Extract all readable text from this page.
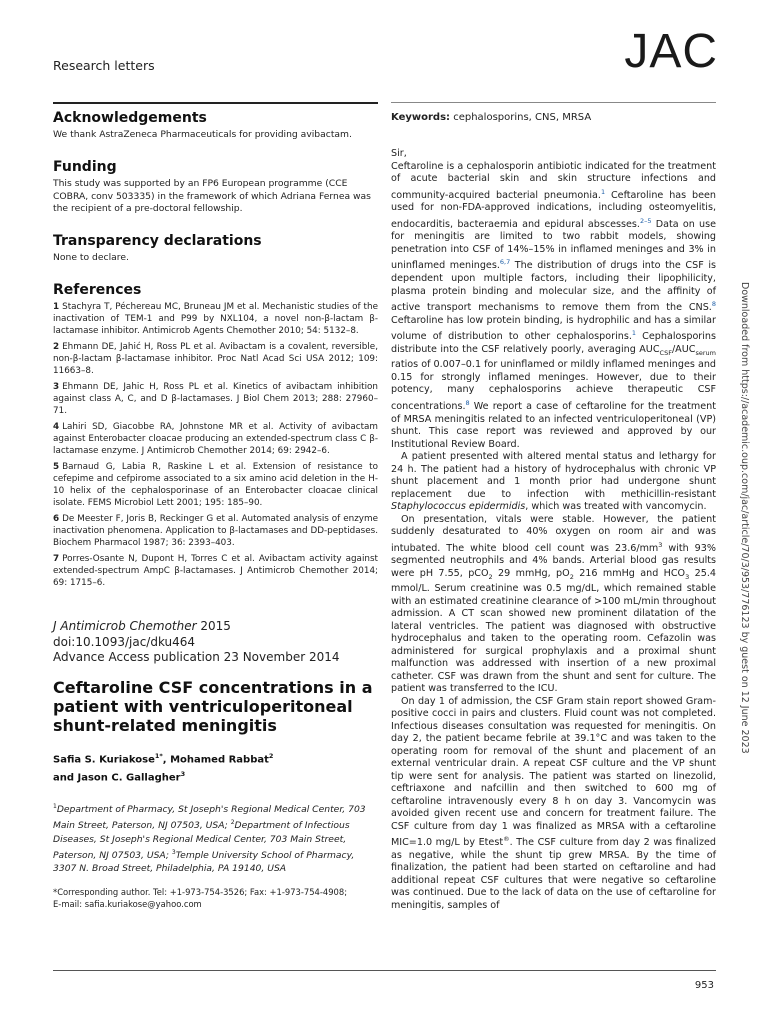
Research letters	JAC
Acknowledgements

We thank AstraZeneca Pharmaceuticals for providing avibactam.

Funding

This study was supported by an FP6 European programme (CCE COBRA, conv 503335) in the framework of which Adriana Fernea was the recipient of a pre-doctoral fellowship.

Transparency declarations

None to declare.

References
1 Stachyra T, Péchereau MC, Bruneau JM et al. Mechanistic studies of the inactivation of TEM-1 and P99 by NXL104, a novel non-β-lactam β-lactamase inhibitor. Antimicrob Agents Chemother 2010; 54: 5132–8.
2 Ehmann DE, Jahić H, Ross PL et al. Avibactam is a covalent, reversible, non-β-lactam β-lactamase inhibitor. Proc Natl Acad Sci USA 2012; 109: 11663–8.
3 Ehmann DE, Jahic H, Ross PL et al. Kinetics of avibactam inhibition against class A, C, and D β-lactamases. J Biol Chem 2013; 288: 27960–71.
4 Lahiri SD, Giacobbe RA, Johnstone MR et al. Activity of avibactam against Enterobacter cloacae producing an extended-spectrum class C β-lactamase enzyme. J Antimicrob Chemother 2014; 69: 2942–6.
5 Barnaud G, Labia R, Raskine L et al. Extension of resistance to cefepime and cefpirome associated to a six amino acid deletion in the H-10 helix of the cephalosporinase of an Enterobacter cloacae clinical isolate. FEMS Microbiol Lett 2001; 195: 185–90.
6 De Meester F, Joris B, Reckinger G et al. Automated analysis of enzyme inactivation phenomena. Application to β-lactamases and DD-peptidases. Biochem Pharmacol 1987; 36: 2393–403.
7 Porres-Osante N, Dupont H, Torres C et al. Avibactam activity against extended-spectrum AmpC β-lactamases. J Antimicrob Chemother 2014; 69: 1715–6.
J Antimicrob Chemother 2015
doi:10.1093/jac/dku464
Advance Access publication 23 November 2014
Ceftaroline CSF concentrations in a patient with ventriculoperitoneal shunt-related meningitis
Safia S. Kuriakose$^{1*}$, Mohamed Rabbat$^2$
and Jason C. Gallagher$^3$
$^1$Department of Pharmacy, St Joseph's Regional Medical Center, 703 Main Street, Paterson, NJ 07503, USA; $^2$Department of Infectious Diseases, St Joseph's Regional Medical Center, 703 Main Street, Paterson, NJ 07503, USA; $^3$Temple University School of Pharmacy, 3307 N. Broad Street, Philadelphia, PA 19140, USA
*Corresponding author. Tel: +1-973-754-3526; Fax: +1-973-754-4908;
E-mail: safia.kuriakose@yahoo.com

Keywords: cephalosporins, CNS, MRSA

Sir,

Ceftaroline is a cephalosporin antibiotic indicated for the treatment of acute bacterial skin and skin structure infections and community-acquired bacterial pneumonia.$^1$ Ceftaroline has been used for non-FDA-approved indications, including osteomyelitis, endocarditis, bacteraemia and epidural abscesses.$^{2-5}$ Data on use for meningitis are limited to two rabbit models, showing penetration into CSF of 14%–15% in inflamed meninges and 3% in uninflamed meninges.$^{6,7}$ The distribution of drugs into the CSF is dependent upon multiple factors, including their lipophilicity, plasma protein binding and molecular size, and the affinity of active transport mechanisms to remove them from the CNS.$^8$ Ceftaroline has low protein binding, is hydrophilic and has a similar volume of distribution to other cephalosporins.$^1$ Cephalosporins distribute into the CSF relatively poorly, averaging $AUC_{CSF}/AUC_{serum}$ ratios of 0.007–0.1 for uninflamed or mildly inflamed meninges and 0.15 for strongly inflamed meninges. However, due to their potency, many cephalosporins achieve therapeutic CSF concentrations.$^8$ We report a case of ceftaroline for the treatment of MRSA meningitis related to an infected ventriculoperitoneal (VP) shunt. This case report was reviewed and approved by our Institutional Review Board.

A patient presented with altered mental status and lethargy for 24 h. The patient had a history of hydrocephalus with chronic VP shunt placement and 1 month prior had undergone shunt replacement due to infection with methicillin-resistant Staphylococcus epidermidis, which was treated with vancomycin.

On presentation, vitals were stable. However, the patient suddenly desaturated to 40% oxygen on room air and was intubated. The white blood cell count was $23.6/mm^3$ with 93% segmented neutrophils and 4% bands. Arterial blood gas results were pH 7.55, pCO$_2$ 29 mmHg, $pO_2$ 216 mmHg and $HCO_3$ 25.4 mmol/L. Serum creatinine was 0.5 mg/dL, which remained stable with an estimated creatinine clearance of >100 mL/min throughout admission. A CT scan showed new prominent dilatation of the lateral ventricles. The patient was diagnosed with obstructive hydrocephalus and taken to the operating room. Cefazolin was administered for surgical prophylaxis and a proximal shunt malfunction was addressed with insertion of a new proximal catheter. CSF was drawn from the shunt and sent for culture. The patient was transferred to the ICU.

On day 1 of admission, the CSF Gram stain report showed Gram-positive cocci in pairs and clusters. Fluid count was not completed. Infectious diseases consultation was requested for meningitis. On day 2, the patient became febrile at 39.1°C and was taken to the operating room for removal of the shunt and placement of an external ventricular drain. A repeat CSF culture and the VP shunt tip were sent for analysis. The patient was started on linezolid, ceftriaxone and nafcillin and then switched to 600 mg of ceftaroline intravenously every 8 h on day 3. Vancomycin was avoided given recent use and concern for treatment failure. The CSF culture from day 1 was finalized as MRSA with a ceftaroline MIC=1.0 mg/L by Etest®. The CSF culture from day 2 was finalized as negative, while the shunt tip grew MRSA. By the time of finalization, the patient had been started on ceftaroline and had additional repeat CSF cultures that were negative so ceftaroline was continued. Due to the lack of data on the use of ceftaroline for meningitis, samples of

Downloaded from https://academic.oup.com/jac/article/70/3/953/776123 by guest on 12 June 2023
953
